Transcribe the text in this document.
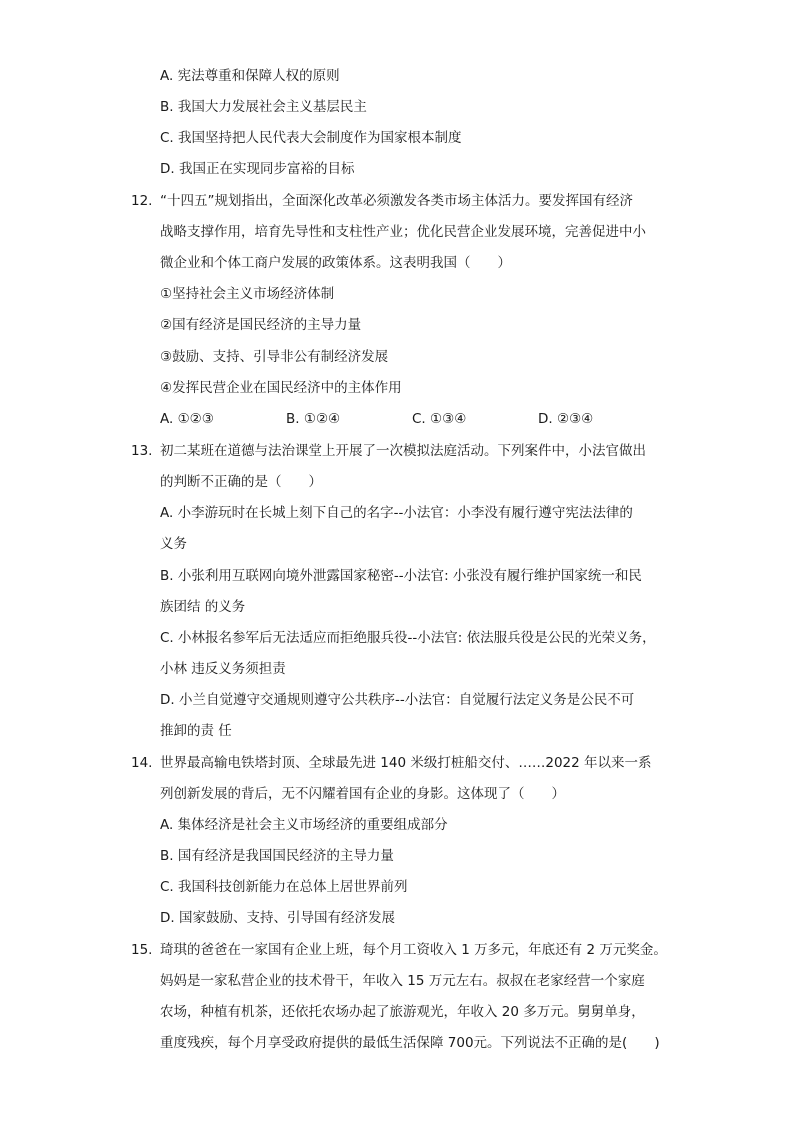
A. 宪法尊重和保障人权的原则
B. 我国大力发展社会主义基层民主
C. 我国坚持把人民代表大会制度作为国家根本制度
D. 我国正在实现同步富裕的目标
12. “十四五”规划指出，全面深化改革必须激发各类市场主体活力。要发挥国有经济
战略支撑作用，培育先导性和支柱性产业；优化民营企业发展环境，完善促进中小
微企业和个体工商户发展的政策体系。这表明我国（　　）
①坚持社会主义市场经济体制
②国有经济是国民经济的主导力量
③鼓励、支持、引导非公有制经济发展
④发挥民营企业在国民经济中的主体作用
A. ①②③	B. ①②④	C. ①③④	D. ②③④
13. 初二某班在道德与法治课堂上开展了一次模拟法庭活动。下列案件中，小法官做出
的判断不正确的是（　　）
A. 小李游玩时在长城上刻下自己的名字--小法官：小李没有履行遵守宪法法律的
义务
B. 小张利用互联网向境外泄露国家秘密--小法官: 小张没有履行维护国家统一和民
族团结 的义务
C. 小林报名参军后无法适应而拒绝服兵役--小法官: 依法服兵役是公民的光荣义务，
小林 违反义务须担责
D. 小兰自觉遵守交通规则遵守公共秩序--小法官：自觉履行法定义务是公民不可
推卸的责 任
14. 世界最高输电铁塔封顶、全球最先进 140 米级打桩船交付、……2022 年以来一系
列创新发展的背后，无不闪耀着国有企业的身影。这体现了（　　）
A. 集体经济是社会主义市场经济的重要组成部分
B. 国有经济是我国国民经济的主导力量
C. 我国科技创新能力在总体上居世界前列
D. 国家鼓励、支持、引导国有经济发展
15. 琦琪的爸爸在一家国有企业上班，每个月工资收入 1 万多元，年底还有 2 万元奖金。
妈妈是一家私营企业的技术骨干，年收入 15 万元左右。叔叔在老家经营一个家庭
农场，种植有机茶，还依托农场办起了旅游观光，年收入 20 多万元。舅舅单身，
重度残疾，每个月享受政府提供的最低生活保障 700元。下列说法不正确的是(　　)
